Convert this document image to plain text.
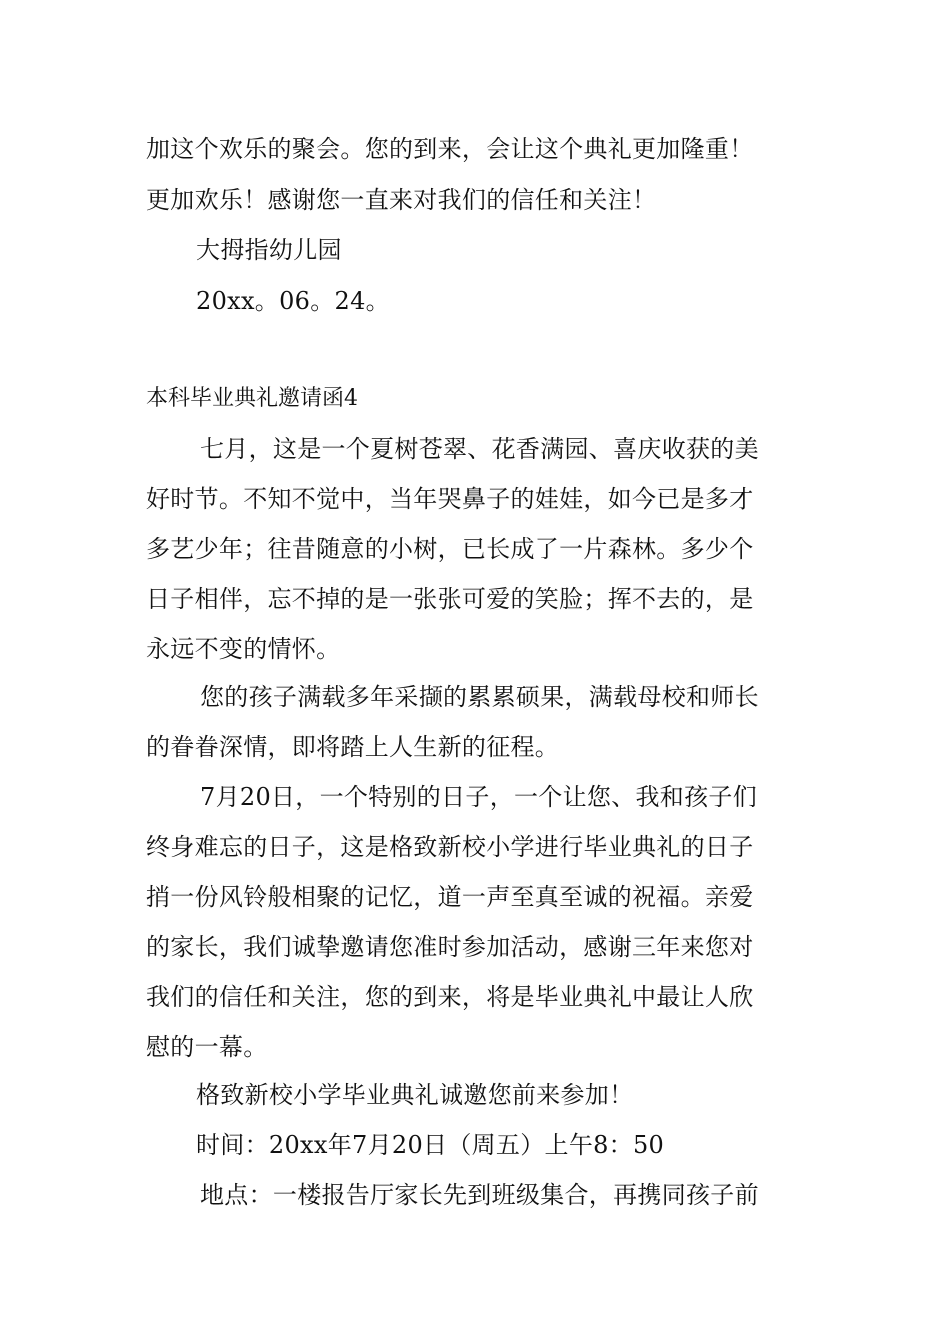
加这个欢乐的聚会。您的到来，会让这个典礼更加隆重！
更加欢乐！感谢您一直来对我们的信任和关注！
大拇指幼儿园
20xx。06。24。
本科毕业典礼邀请函4
七月，这是一个夏树苍翠、花香满园、喜庆收获的美
好时节。不知不觉中，当年哭鼻子的娃娃，如今已是多才
多艺少年；往昔随意的小树，已长成了一片森林。多少个
日子相伴，忘不掉的是一张张可爱的笑脸；挥不去的，是
永远不变的情怀。
您的孩子满载多年采撷的累累硕果，满载母校和师长
的眷眷深情，即将踏上人生新的征程。
7月20日，一个特别的日子，一个让您、我和孩子们
终身难忘的日子，这是格致新校小学进行毕业典礼的日子
捎一份风铃般相聚的记忆，道一声至真至诚的祝福。亲爱
的家长，我们诚挚邀请您准时参加活动，感谢三年来您对
我们的信任和关注，您的到来，将是毕业典礼中最让人欣
慰的一幕。
格致新校小学毕业典礼诚邀您前来参加！
时间：20xx年7月20日（周五）上午8：50
地点：一楼报告厅家长先到班级集合，再携同孩子前
